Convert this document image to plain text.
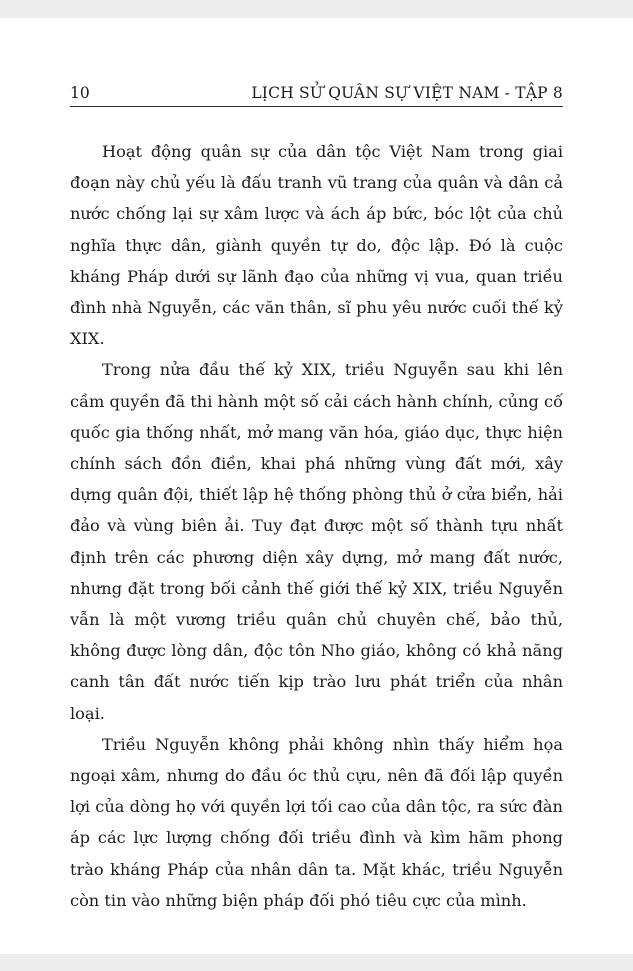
10	LỊCH SỬ QUÂN SỰ VIỆT NAM - TẬP 8

Hoạt động quân sự của dân tộc Việt Nam trong giai đoạn này chủ yếu là đấu tranh vũ trang của quân và dân cả nước chống lại sự xâm lược và ách áp bức, bóc lột của chủ nghĩa thực dân, giành quyền tự do, độc lập. Đó là cuộc kháng Pháp dưới sự lãnh đạo của những vị vua, quan triều đình nhà Nguyễn, các văn thân, sĩ phu yêu nước cuối thế kỷ XIX.

Trong nửa đầu thế kỷ XIX, triều Nguyễn sau khi lên cầm quyền đã thi hành một số cải cách hành chính, củng cố quốc gia thống nhất, mở mang văn hóa, giáo dục, thực hiện chính sách đồn điền, khai phá những vùng đất mới, xây dựng quân đội, thiết lập hệ thống phòng thủ ở cửa biển, hải đảo và vùng biên ải. Tuy đạt được một số thành tựu nhất định trên các phương diện xây dựng, mở mang đất nước, nhưng đặt trong bối cảnh thế giới thế kỷ XIX, triều Nguyễn vẫn là một vương triều quân chủ chuyên chế, bảo thủ, không được lòng dân, độc tôn Nho giáo, không có khả năng canh tân đất nước tiến kịp trào lưu phát triển của nhân loại.

Triều Nguyễn không phải không nhìn thấy hiểm họa ngoại xâm, nhưng do đầu óc thủ cựu, nên đã đối lập quyền lợi của dòng họ với quyền lợi tối cao của dân tộc, ra sức đàn áp các lực lượng chống đối triều đình và kìm hãm phong trào kháng Pháp của nhân dân ta. Mặt khác, triều Nguyễn còn tin vào những biện pháp đối phó tiêu cực của mình.
